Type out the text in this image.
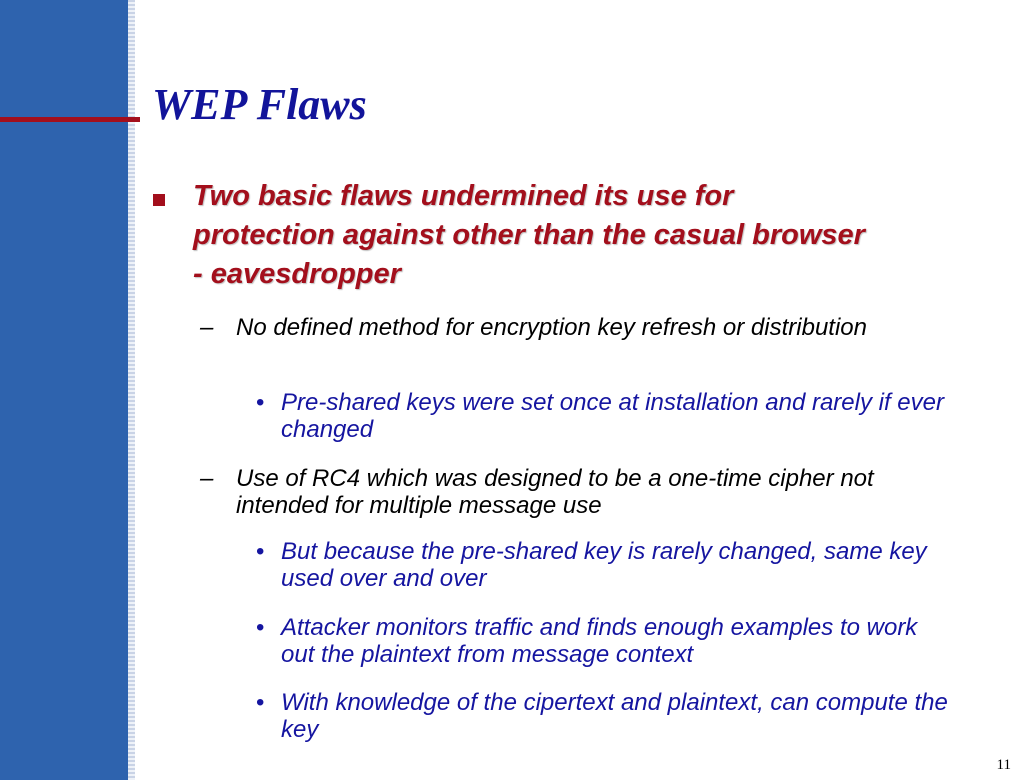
WEP Flaws
Two basic flaws undermined its use for protection against other than the casual browser - eavesdropper
– No defined method for encryption key refresh or distribution
• Pre-shared keys were set once at installation and rarely if ever changed
– Use of RC4 which was designed to be a one-time cipher not intended for multiple message use
• But because the pre-shared key is rarely changed, same key used over and over
• Attacker monitors traffic and finds enough examples to work out the plaintext from message context
• With knowledge of the cipertext and plaintext, can compute the key
11
